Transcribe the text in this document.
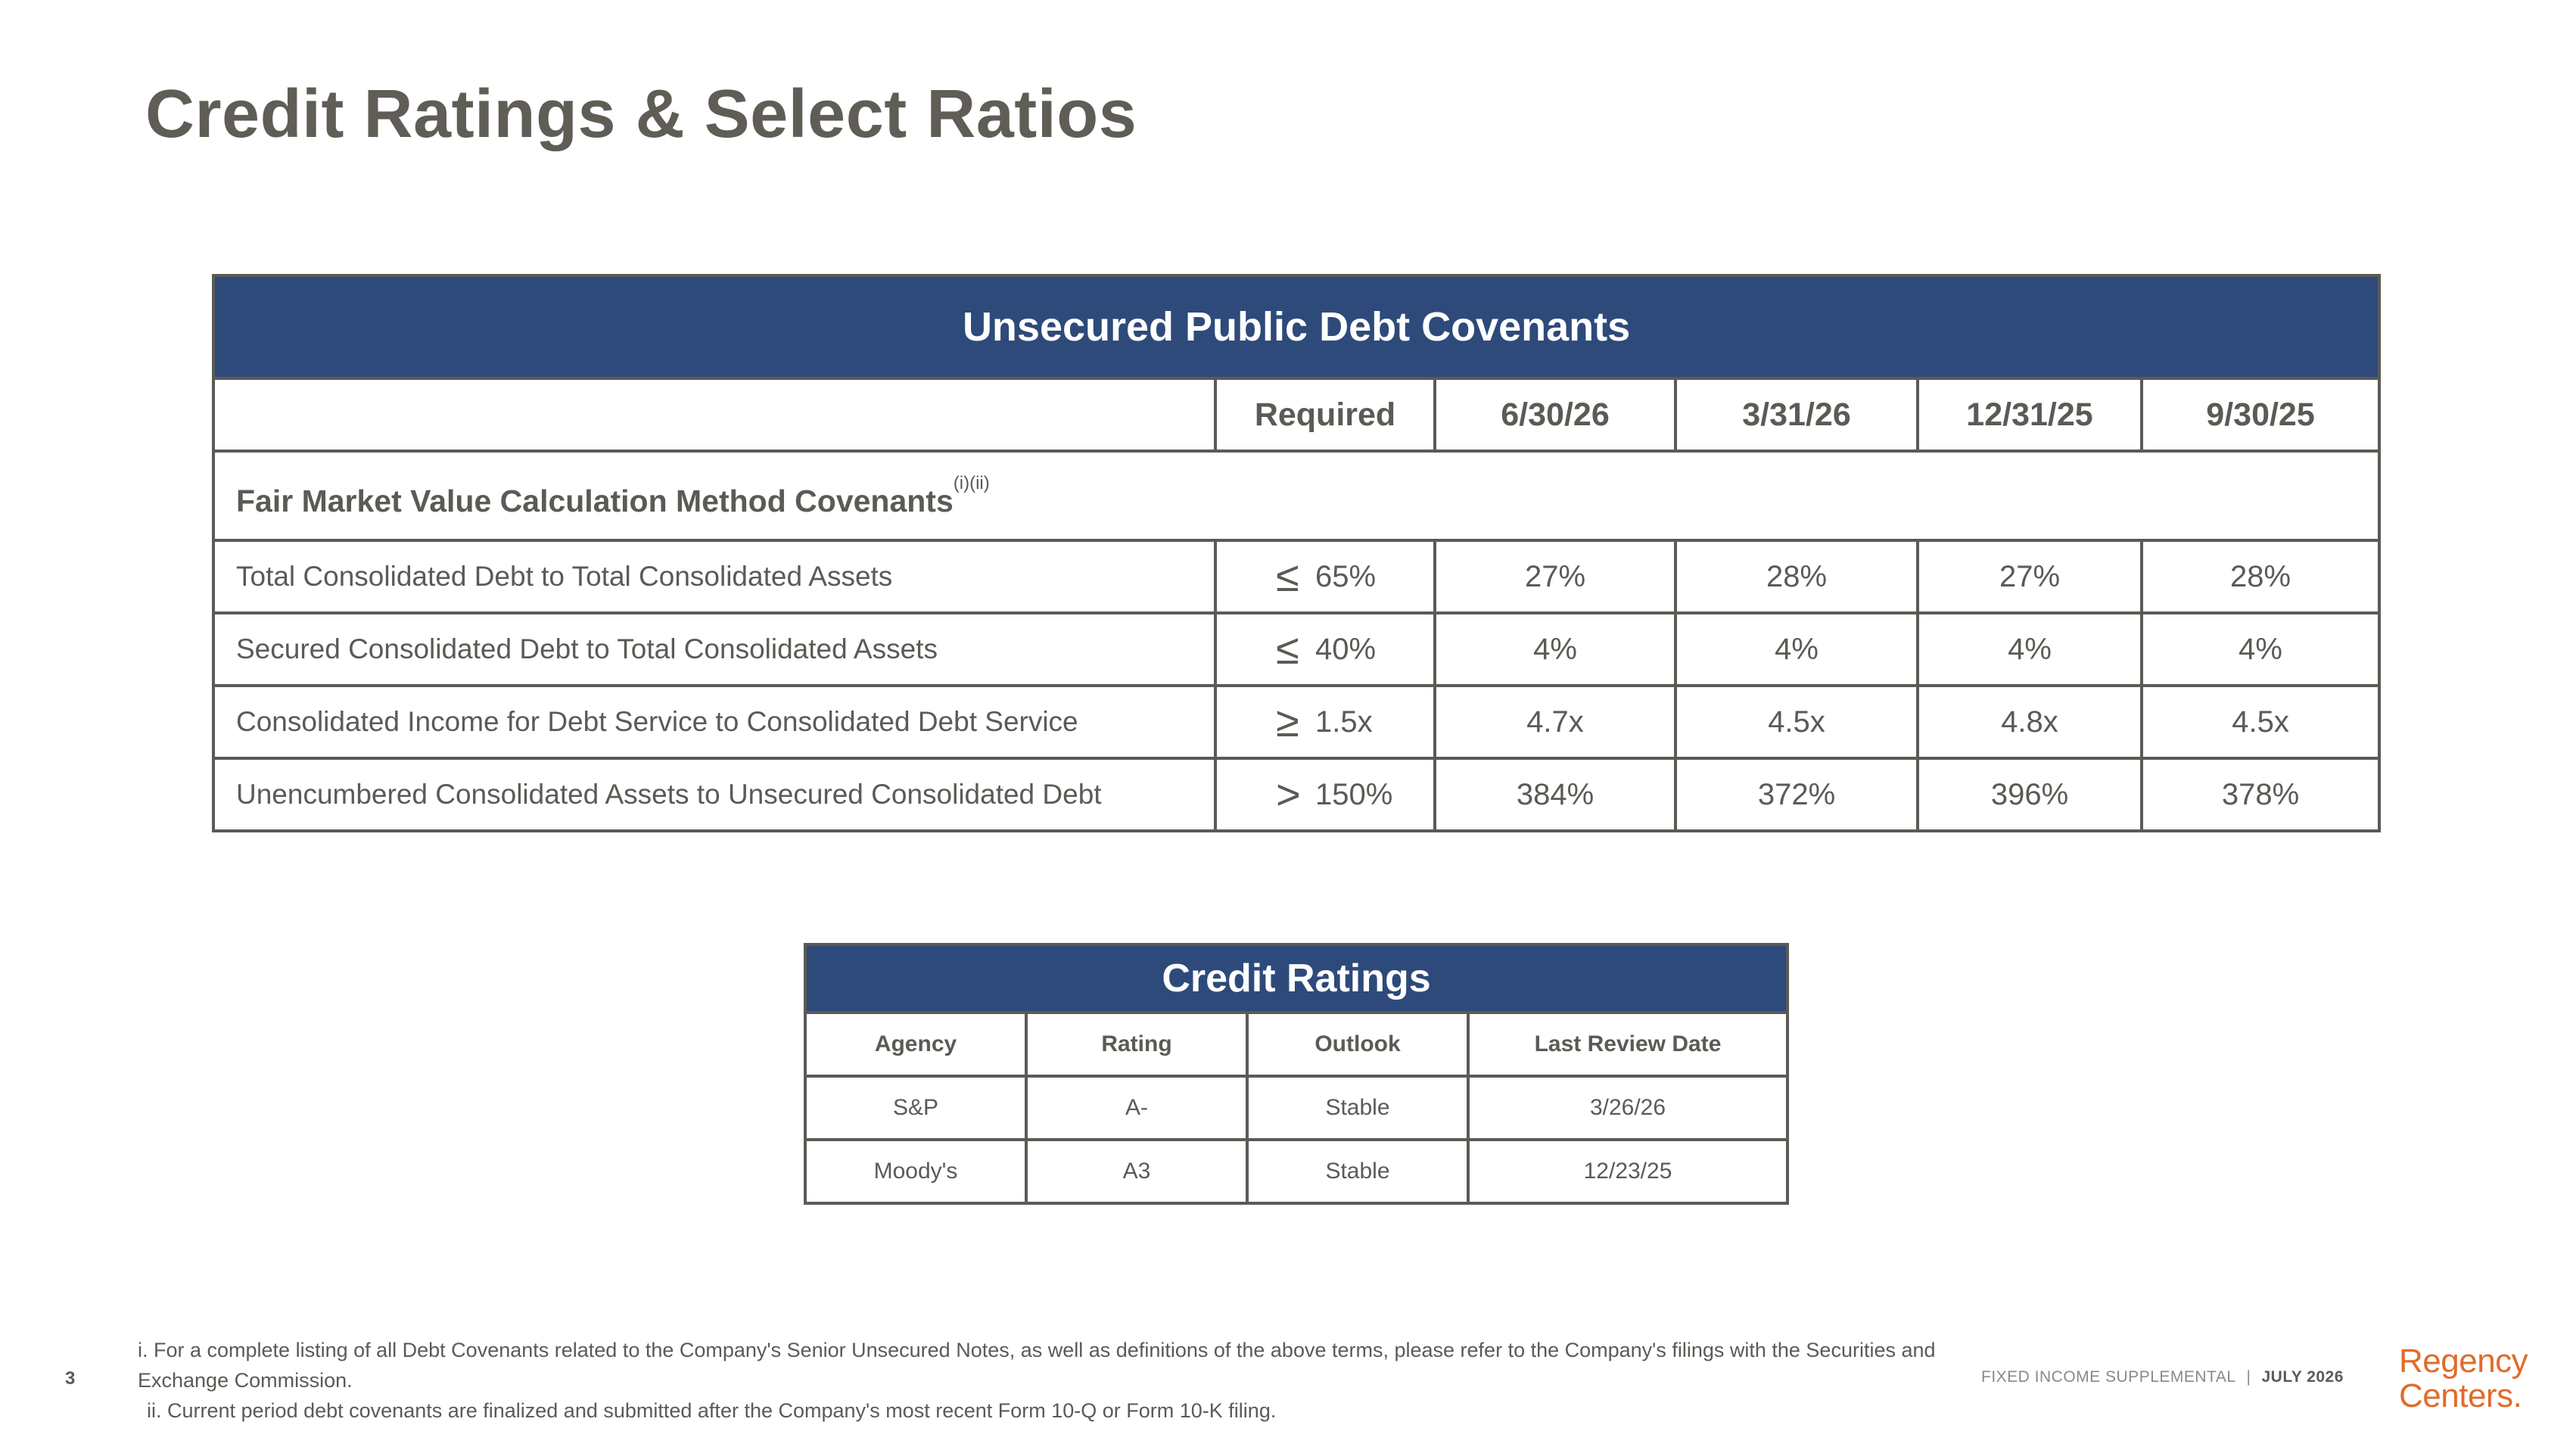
Credit Ratings & Select Ratios
Unsecured Public Debt Covenants					
	Required	6/30/26	3/31/26	12/31/25	9/30/25
Fair Market Value Calculation Method Covenants$^{(i)(ii)}$
Total Consolidated Debt to Total Consolidated Assets	≤ 65%	27%	28%	27%	28%
Secured Consolidated Debt to Total Consolidated Assets	≤ 40%	4%	4%	4%	4%
Consolidated Income for Debt Service to Consolidated Debt Service	≥ 1.5x	4.7x	4.5x	4.8x	4.5x
Unencumbered Consolidated Assets to Unsecured Consolidated Debt	> 150%	384%	372%	396%	378%
Credit Ratings			
Agency	Rating	Outlook	Last Review Date
S&P	A-	Stable	3/26/26
Moody's	A3	Stable	12/23/25

i. For a complete listing of all Debt Covenants related to the Company's Senior Unsecured Notes, as well as definitions of the above terms, please refer to the Company's filings with the Securities and Exchange Commission.

ii. Current period debt covenants are finalized and submitted after the Company's most recent Form 10-Q or Form 10-K filing.

3	FIXED INCOME SUPPLEMENTAL | JULY 2026 Regency
Centers.
